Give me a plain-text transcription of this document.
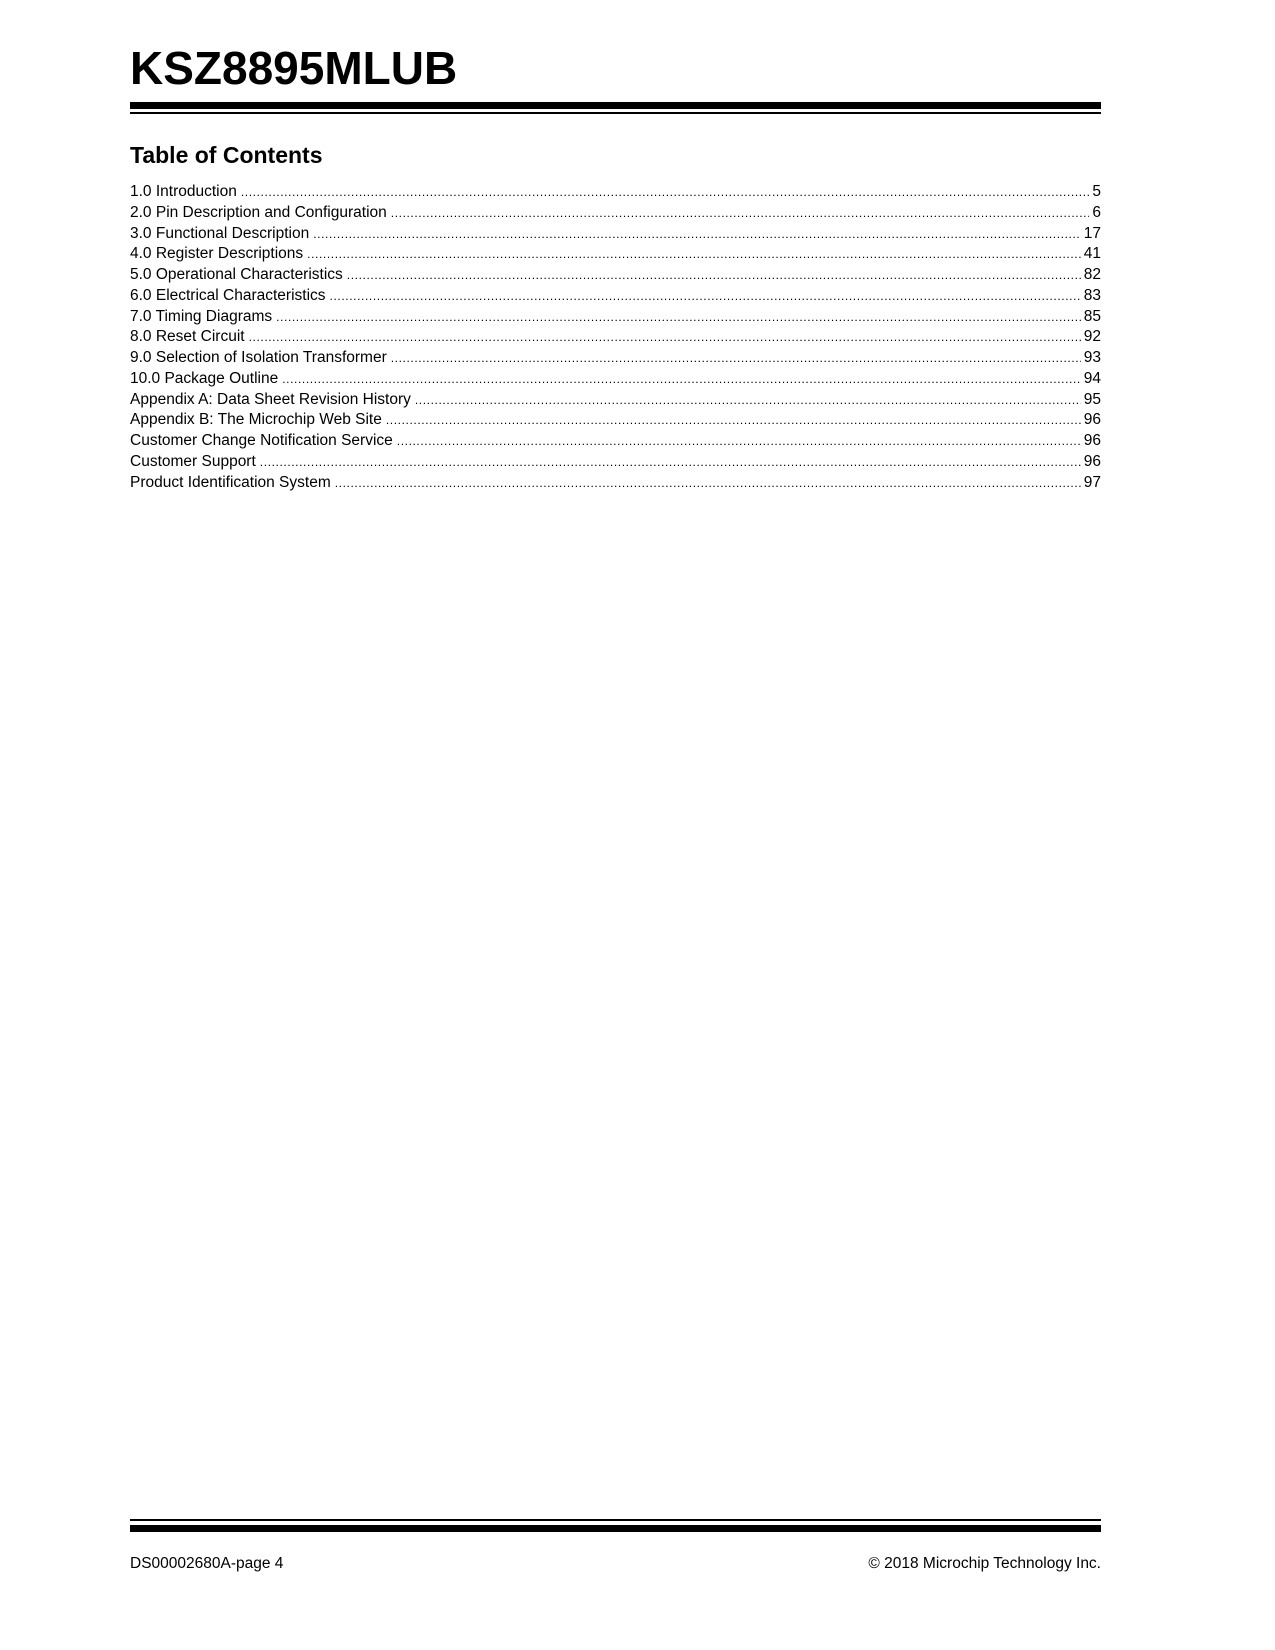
KSZ8895MLUB
Table of Contents
1.0 Introduction .....	5
2.0 Pin Description and Configuration .....	6
3.0 Functional Description .....	17
4.0 Register Descriptions .....	41
5.0 Operational Characteristics .....	82
6.0 Electrical Characteristics .....	83
7.0 Timing Diagrams .....	85
8.0 Reset Circuit .....	92
9.0 Selection of Isolation Transformer .....	93
10.0 Package Outline .....	94
Appendix A: Data Sheet Revision History .....	95
Appendix B: The Microchip Web Site .....	96
Customer Change Notification Service .....	96
Customer Support .....	96
Product Identification System .....	97

DS00002680A-page 4	© 2018 Microchip Technology Inc.
